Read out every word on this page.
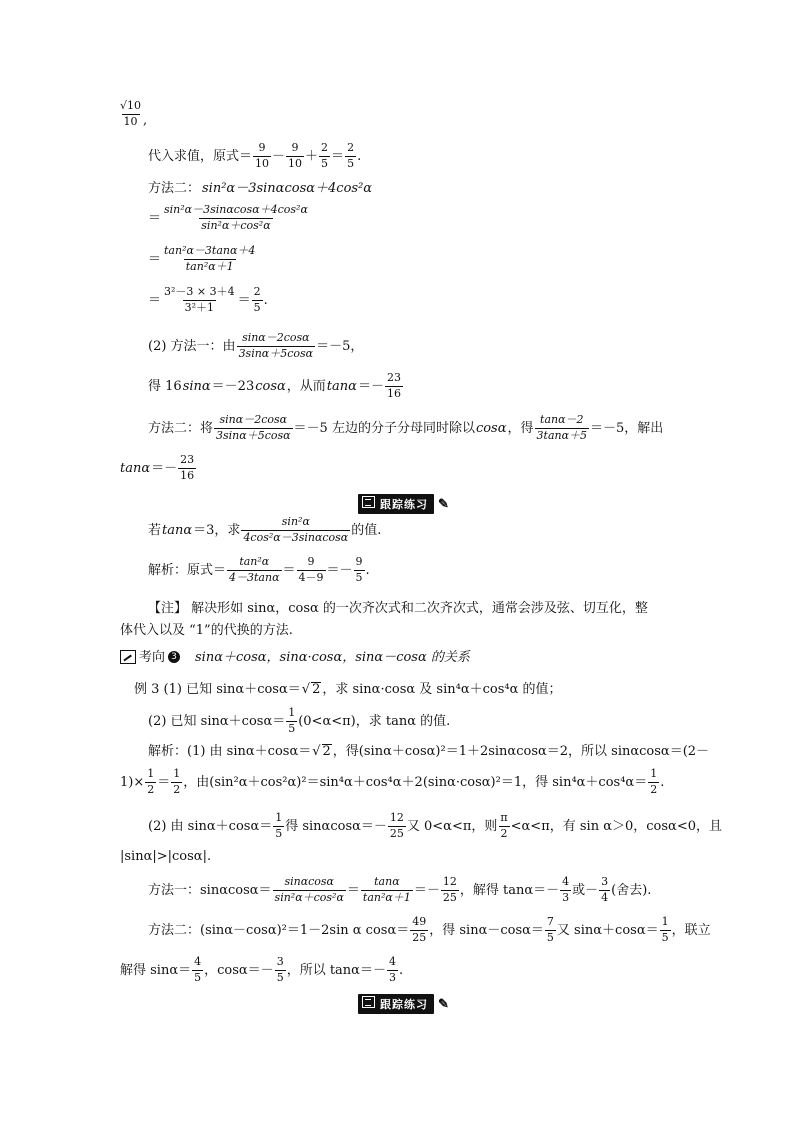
√10
10 ,
代入求值，原式＝
9
10 －
9
10 ＋
2
5 ＝
2
5 .
方法二： sin²α－3sinαcosα＋4cos²α
＝
sin²α－3sinαcosα＋4cos²α
sin²α＋cos²α
＝
tan²α－3tanα＋4
tan²α＋1
＝
3²－3 × 3＋4
3²＋1 ＝
2
5 .
(2) 方法一：由
sinα－2cosα
3sinα＋5cosα ＝－5，
得 16 sinα ＝－23 cosα ，从而 tanα ＝－
23
16
方法二：将
sinα－2cosα
3sinα＋5cosα ＝－5 左边的分子分母同时除以 cosα ，得
tanα－2
3tanα＋5 ＝－5，解出
tanα ＝－
23
16
跟踪练习 ✎
若 tanα ＝3，求
sin²α
4cos²α－3sinαcosα 的值.
解析：原式＝
tan²α
4－3tanα ＝
9
4－9 ＝－
9
5 .
【注】 解决形如 sinα，cosα 的一次齐次式和二次齐次式，通常会涉及弦、切互化，整
体代入以及 “1”的代换的方法.
考向 3 sinα＋cosα，sinα·cosα，sinα－cosα 的关系
例 3 (1) 已知 sinα＋cosα＝ √ 2 ，求 sinα·cosα 及 sin⁴α＋cos⁴α 的值；
(2) 已知 sinα＋cosα＝
1
5 (0<α<π)，求 tanα 的值.
解析：(1) 由 sinα＋cosα＝ √ 2 ，得(sinα＋cosα)²＝1＋2sinαcosα＝2，所以 sinαcosα＝(2－
$1)\times \frac{1}{2}$ ＝
1
2 ，由(sin²α＋cos²α)²＝sin⁴α＋cos⁴α＋2(sinα·cosα)²＝1，得 sin⁴α＋cos⁴α＝
1
2 .
(2) 由 sinα＋cosα＝
1
5 得 sinαcosα＝－
12
25 又 0<α<π，则
π
2 <α<π，有 sin α＞0，cosα<0，且
|sinα|>|cosα|.
方法一：sinαcosα＝
sinαcosα
sin²α＋cos²α ＝
tanα
tan²α＋1 ＝－
12
25 ，解得 tanα＝－
4
3 或－
3
4 (舍去).
方法二：(sinα－cosα)²＝1－2sin α cosα＝
49
25 ，得 sinα－cosα＝
7
5 又 sinα＋cosα＝
1
5 ，联立
解得 sinα＝
4
5 ，cosα＝－
3
5 ，所以 tanα＝－
4
3 .
跟踪练习 ✎
